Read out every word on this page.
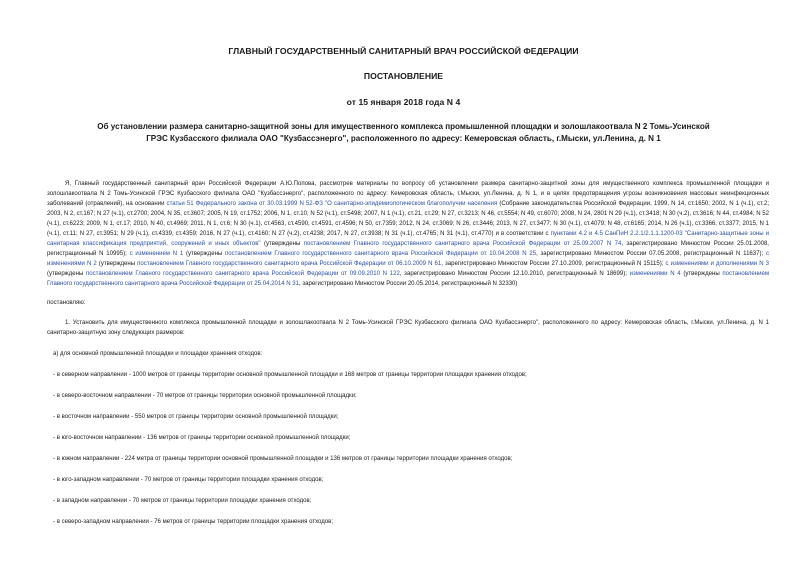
ГЛАВНЫЙ ГОСУДАРСТВЕННЫЙ САНИТАРНЫЙ ВРАЧ РОССИЙСКОЙ ФЕДЕРАЦИИ
ПОСТАНОВЛЕНИЕ
от 15 января 2018 года N 4
Об установлении размера санитарно-защитной зоны для имущественного комплекса промышленной площадки и золошлакоотвала N 2 Томь-Усинской ГРЭС Кузбасского филиала ОАО "Кузбассэнерго", расположенного по адресу: Кемеровская область, г.Мыски, ул.Ленина, д. N 1

Я, Главный государственный санитарный врач Российской Федерации А.Ю.Попова, рассмотрев материалы по вопросу об установлении размера санитарно-защитной зоны для имущественного комплекса промышленной площадки и золошлакоотвала N 2 Томь-Усинской ГРЭС Кузбасского филиала ОАО "Кузбассэнерго", расположенного по адресу: Кемеровская область, г.Мыски, ул.Ленина, д. N 1, и в целях предотвращения угрозы возникновения массовых неинфекционных заболеваний (отравлений), на основании статьи 51 Федерального закона от 30.03.1999 N 52-ФЗ "О санитарно-эпидемиологическом благополучии населения (Собрание законодательства Российской Федерации, 1999, N 14, ст.1650; 2002, N 1 (ч.1), ст.2; 2003, N 2, ст.167; N 27 (ч.1), ст.2700; 2004, N 35, ст.3607; 2005, N 19, ст.1752; 2006, N 1, ст.10; N 52 (ч.1), ст.5498; 2007, N 1 (ч.1), ст.21, ст.29; N 27, ст.3213; N 46, ст.5554; N 49, ст.6070; 2008, N 24, 2801 N 29 (ч.1), ст.3418; N 30 (ч.2), ст.3616; N 44, ст.4984; N 52 (ч.1), ст.6223; 2009, N 1, ст.17; 2010, N 40, ст.4969; 2011, N 1, ст.6; N 30 (ч.1), ст.4563, ст.4590, ст.4591, ст.4596; N 50, ст.7359; 2012, N 24, ст.3069; N 26, ст.3446; 2013, N 27, ст.3477; N 30 (ч.1), ст.4079; N 48, ст.6165; 2014, N 26 (ч.1), ст.3366, ст.3377; 2015, N 1 (ч.1), ст.11; N 27, ст.3951; N 29 (ч.1), ст.4339, ст.4359; 2016, N 27 (ч.1), ст.4160; N 27 (ч.2), ст.4238; 2017, N 27, ст.3938; N 31 (ч.1), ст.4765; N 31 (ч.1), ст.4770) и в соответствии с пунктами 4.2 и 4.5 СанПиН 2.2.1/2.1.1.1200-03 "Санитарно-защитные зоны и санитарная классификация предприятий, сооружений и иных объектов" (утверждены постановлением Главного государственного санитарного врача Российской Федерации от 25.09.2007 N 74, зарегистрировано Минюстом России 25.01.2008, регистрационный N 10995); с изменением N 1 (утверждены постановлением Главного государственного санитарного врача Российской Федерации от 10.04.2008 N 25, зарегистрировано Минюстом России 07.05.2008, регистрационный N 11637); с изменениями N 2 (утверждены постановлением Главного государственного санитарного врача Российской Федерации от 06.10.2009 N 61, зарегистрировано Минюстом России 27.10.2009, регистрационный N 15115); с изменениями и дополнениями N 3 (утверждены постановлением Главного государственного санитарного врача Российской Федерации от 09.09.2010 N 122, зарегистрировано Минюстом России 12.10.2010, регистрационный N 18699); изменениями N 4 (утверждены постановлением Главного государственного санитарного врача Российской Федерации от 25.04.2014 N 31, зарегистрировано Минюстом России 20.05.2014, регистрационный N 32330)

постановляю:

1. Установить для имущественного комплекса промышленной площадки и золошлакоотвала N 2 Томь-Усинской ГРЭС Кузбасского филиала ОАО Кузбассэнерго", расположенного по адресу: Кемеровская область, г.Мыски, ул.Ленина, д. N 1 санитарно-защитную зону следующих размеров:

а) для основной промышленной площадки и площадки хранения отходов:

- в северном направлении - 1000 метров от границы территории основной промышленной площадки и 168 метров от границы территории площадки хранения отходов;

- в северо-восточном направлении - 70 метров от границы территории основной промышленной площадки;

- в восточном направлении - 550 метров от границы территории основной промышленной площадки;

- в юго-восточном направлении - 136 метров от границы территории основной промышленной площадки;

- в южном направлении - 224 метра от границы территории основной промышленной площадки и 136 метров от границы территории площадки хранения отходов;

- в юго-западном направлении - 70 метров от границы территории площадки хранения отходов;

- в западном направлении - 70 метров от границы территории площадки хранения отходов;

- в северо-западном направлении - 76 метров от границы территории площадки хранения отходов;
